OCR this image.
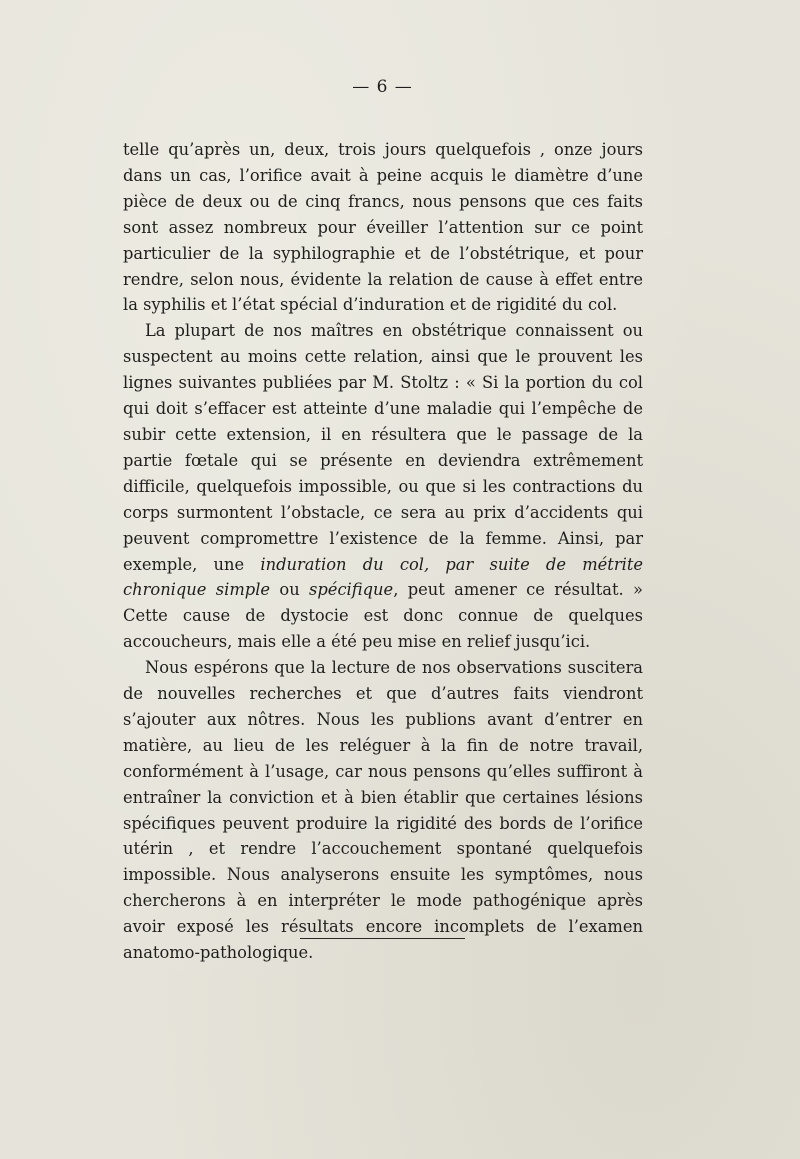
— 6 —

telle qu’après un, deux, trois jours quelquefois , onze jours dans un cas, l’orifice avait à peine acquis le diamètre d’une pièce de deux ou de cinq francs, nous pensons que ces faits sont assez nombreux pour éveiller l’attention sur ce point particulier de la syphilographie et de l’obstétrique, et pour rendre, selon nous, évidente la relation de cause à effet entre la syphilis et l’état spécial d’induration et de rigidité du col.

La plupart de nos maîtres en obstétrique connaissent ou suspectent au moins cette relation, ainsi que le prouvent les lignes suivantes publiées par M. Stoltz : « Si la portion du col qui doit s’effacer est atteinte d’une maladie qui l’empêche de subir cette extension, il en résultera que le passage de la partie fœtale qui se présente en deviendra extrêmement difficile, quelquefois impossible, ou que si les contractions du corps surmontent l’obstacle, ce sera au prix d’accidents qui peuvent compromettre l’existence de la femme. Ainsi, par exemple, une induration du col, par suite de métrite chronique simple ou spécifique, peut amener ce résultat. » Cette cause de dystocie est donc connue de quelques accoucheurs, mais elle a été peu mise en relief jusqu’ici.

Nous espérons que la lecture de nos observations suscitera de nouvelles recherches et que d’autres faits viendront s’ajouter aux nôtres. Nous les publions avant d’entrer en matière, au lieu de les reléguer à la fin de notre travail, conformément à l’usage, car nous pensons qu’elles suffiront à entraîner la conviction et à bien établir que certaines lésions spécifiques peuvent produire la rigidité des bords de l’orifice utérin , et rendre l’accouchement spontané quelquefois impossible. Nous analyserons ensuite les symptômes, nous chercherons à en interpréter le mode pathogénique après avoir exposé les résultats encore incomplets de l’examen anatomo-pathologique.
